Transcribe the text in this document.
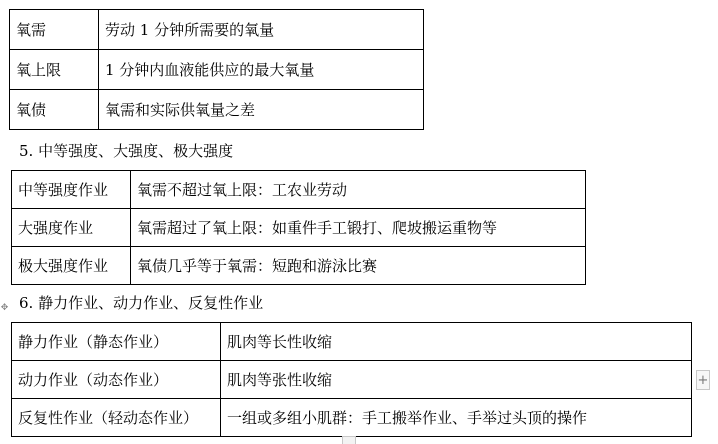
氧需	劳动 1 分钟所需要的氧量
氧上限	1 分钟内血液能供应的最大氧量
氧债	氧需和实际供氧量之差

5. 中等强度、大强度、极大强度

中等强度作业	氧需不超过氧上限：工农业劳动
大强度作业	氧需超过了氧上限：如重件手工锻打、爬坡搬运重物等
极大强度作业	氧债几乎等于氧需：短跑和游泳比赛

6. 静力作业、动力作业、反复性作业

✥
静力作业（静态作业）	肌肉等长性收缩
动力作业（动态作业）	肌肉等张性收缩
反复性作业（轻动态作业）	一组或多组小肌群：手工搬举作业、手举过头顶的操作
+
